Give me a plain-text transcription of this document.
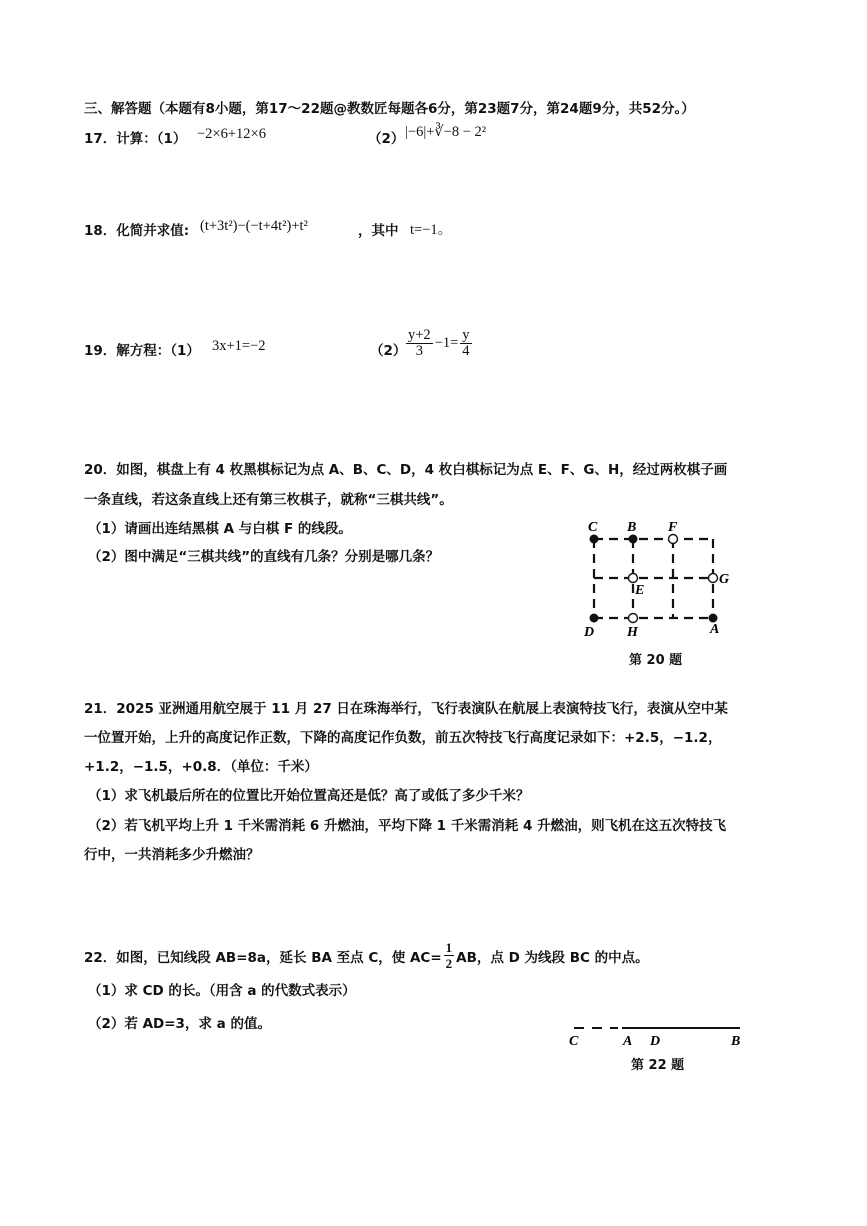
三、解答题（本题有8小题，第17～22题@教数匠每题各6分，第23题7分，第24题9分，共52分。）
17．计算：（1） −2×6+12×6	（2） |−6|+∛−8 − 2²
18．化简并求值: (t+3t²)−(−t+4t²)+t²	，其中 t=−1。
19．解方程：（1） 3x+1=−2	$(2) \frac{y+2}{3} -1= \frac{y}{4}$
20．如图，棋盘上有 4 枚黑棋标记为点 A、B、C、D，4 枚白棋标记为点 E、F、G、H，经过两枚棋子画
一条直线，若这条直线上还有第三枚棋子，就称“三棋共线”。
（1）请画出连结黑棋 A 与白棋 F 的线段。
（2）图中满足“三棋共线”的直线有几条？分别是哪几条？
C B F
G
E
D H	A
第 20 题
21．2025 亚洲通用航空展于 11 月 27 日在珠海举行，飞行表演队在航展上表演特技飞行，表演从空中某
一位置开始，上升的高度记作正数，下降的高度记作负数，前五次特技飞行高度记录如下：+2.5，−1.2，
+1.2，−1.5，+0.8．（单位：千米）
（1）求飞机最后所在的位置比开始位置高还是低？高了或低了多少千米？
（2）若飞机平均上升 1 千米需消耗 6 升燃油，平均下降 1 千米需消耗 4 升燃油，则飞机在这五次特技飞
行中，一共消耗多少升燃油？
22．如图，已知线段 AB=8a，延长 BA 至点 C，使 $AC= \frac{1}{2}$ AB，点 D 为线段 BC 的中点。
（1）求 CD 的长。（用含 a 的代数式表示）
（2）若 AD=3，求 a 的值。
C	A D	B
第 22 题
